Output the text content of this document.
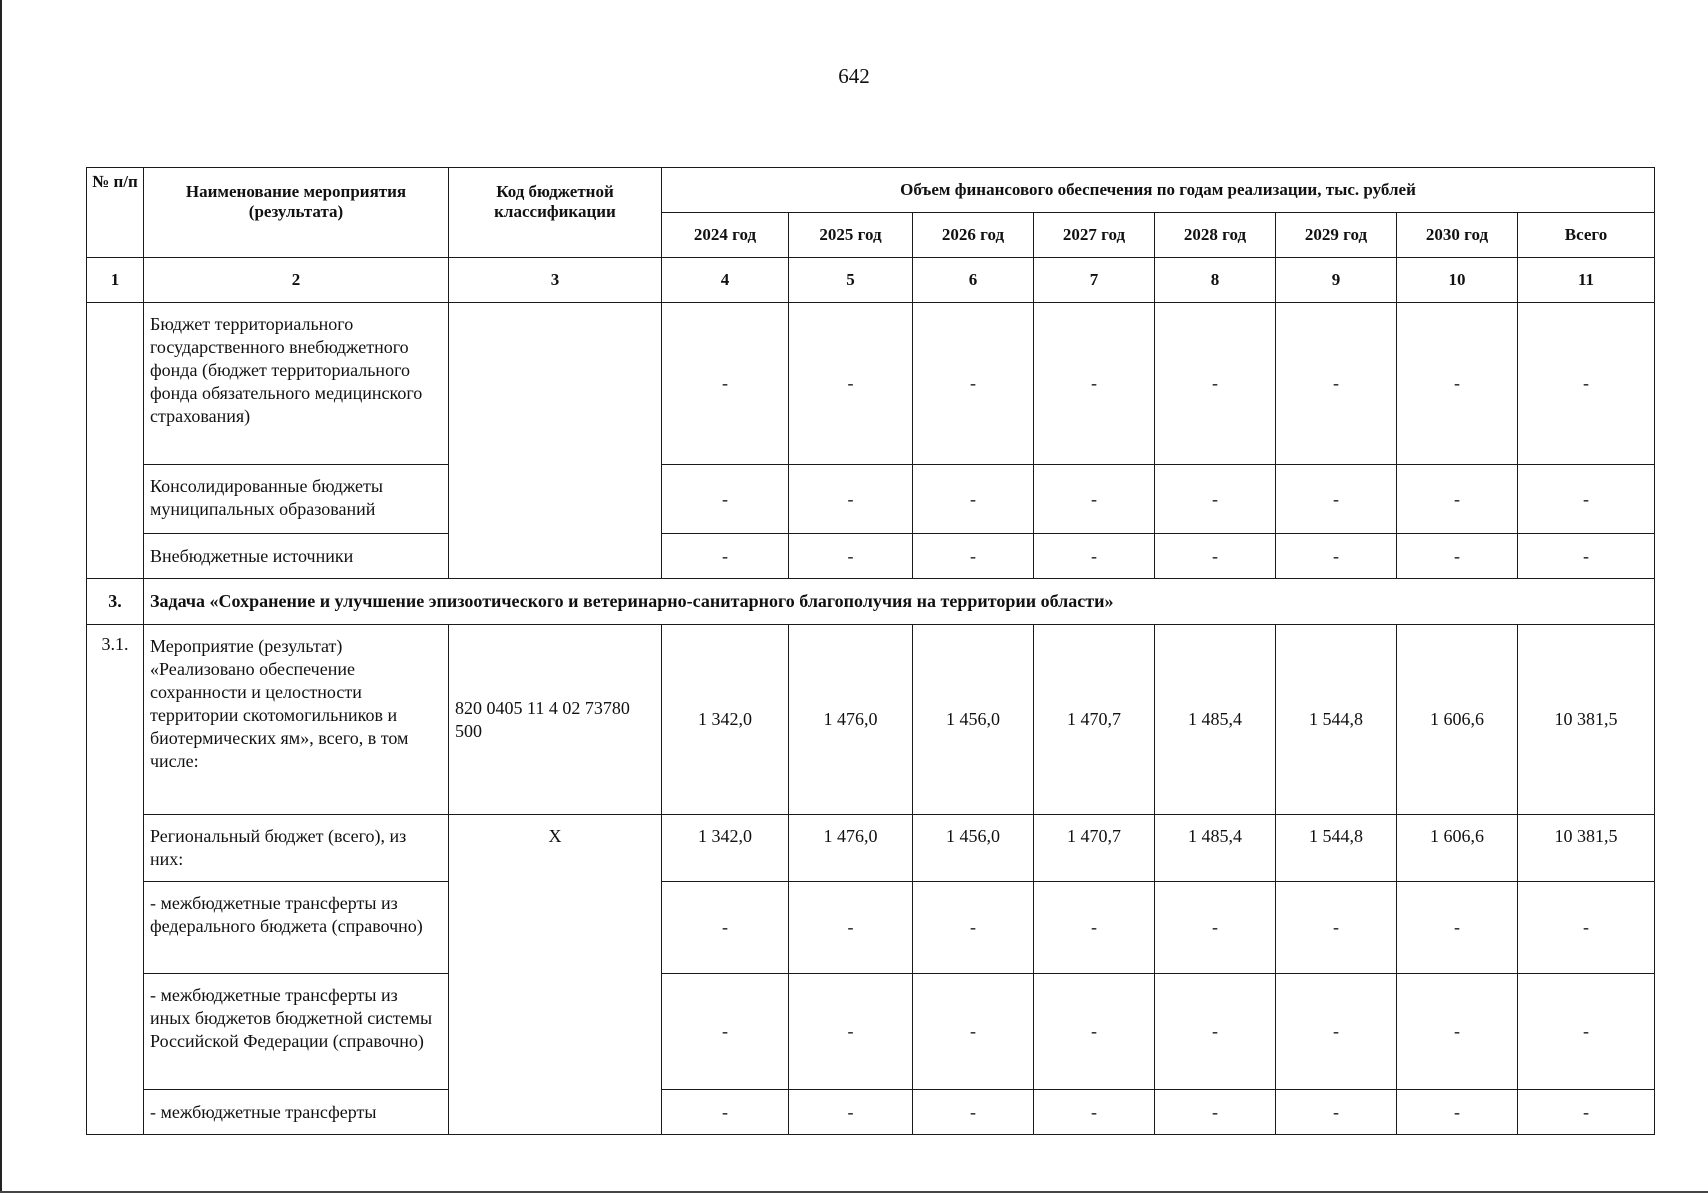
642
№ п/п	Наименование мероприятия (результата)	Код бюджетной классификации	Объем финансового обеспечения по годам реализации, тыс. рублей							
			2024 год	2025 год	2026 год	2027 год	2028 год	2029 год	2030 год	Всего
1	2	3	4	5	6	7	8	9	10	11
	Бюджет территориального государственного внебюджетного фонда (бюджет территориального фонда обязательного медицинского страхования)		-	-	-	-	-	-	-	-
	Консолидированные бюджеты муниципальных образований		-	-	-	-	-	-	-	-
	Внебюджетные источники		-	-	-	-	-	-	-	-
3.	Задача «Сохранение и улучшение эпизоотического и ветеринарно-санитарного благополучия на территории области»									
3.1.	Мероприятие (результат) «Реализовано обеспечение сохранности и целостности территории скотомогильников и биотермических ям», всего, в том числе:	820 0405 11 4 02 73780 500	1 342,0	1 476,0	1 456,0	1 470,7	1 485,4	1 544,8	1 606,6	10 381,5
	Региональный бюджет (всего), из них:	X	1 342,0	1 476,0	1 456,0	1 470,7	1 485,4	1 544,8	1 606,6	10 381,5
	- межбюджетные трансферты из федерального бюджета (справочно)		-	-	-	-	-	-	-	-
	- межбюджетные трансферты из иных бюджетов бюджетной системы Российской Федерации (справочно)		-	-	-	-	-	-	-	-
	- межбюджетные трансферты		-	-	-	-	-	-	-	-
